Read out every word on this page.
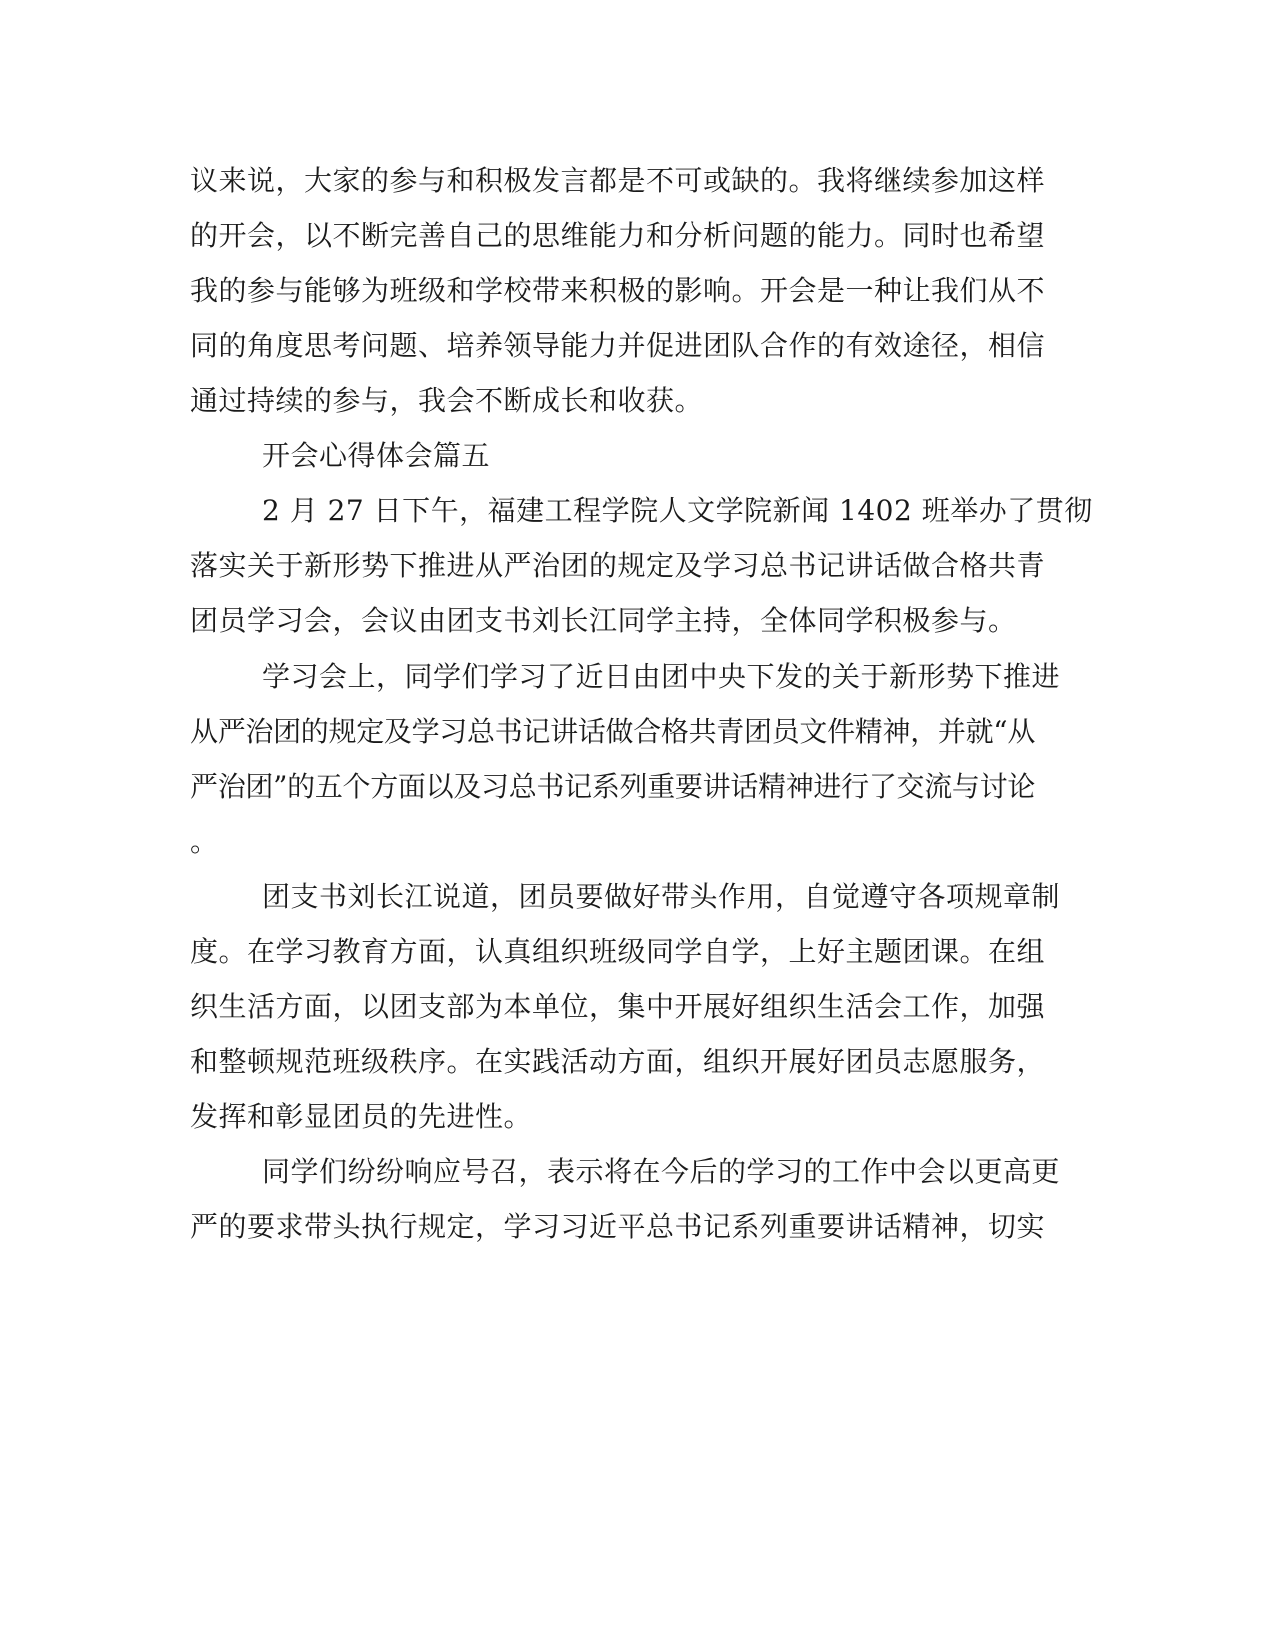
议来说，大家的参与和积极发言都是不可或缺的。我将继续参加这样

的开会，以不断完善自己的思维能力和分析问题的能力。同时也希望

我的参与能够为班级和学校带来积极的影响。开会是一种让我们从不

同的角度思考问题、培养领导能力并促进团队合作的有效途径，相信

通过持续的参与，我会不断成长和收获。

开会心得体会篇五

2 月 27 日下午，福建工程学院人文学院新闻 1402 班举办了贯彻

落实关于新形势下推进从严治团的规定及学习总书记讲话做合格共青

团员学习会，会议由团支书刘长江同学主持，全体同学积极参与。

学习会上，同学们学习了近日由团中央下发的关于新形势下推进

从严治团的规定及学习总书记讲话做合格共青团员文件精神，并就“从

严治团”的五个方面以及习总书记系列重要讲话精神进行了交流与讨论

。

团支书刘长江说道，团员要做好带头作用，自觉遵守各项规章制

度。在学习教育方面，认真组织班级同学自学，上好主题团课。在组

织生活方面，以团支部为本单位，集中开展好组织生活会工作，加强

和整顿规范班级秩序。在实践活动方面，组织开展好团员志愿服务，

发挥和彰显团员的先进性。

同学们纷纷响应号召，表示将在今后的学习的工作中会以更高更

严的要求带头执行规定，学习习近平总书记系列重要讲话精神，切实
